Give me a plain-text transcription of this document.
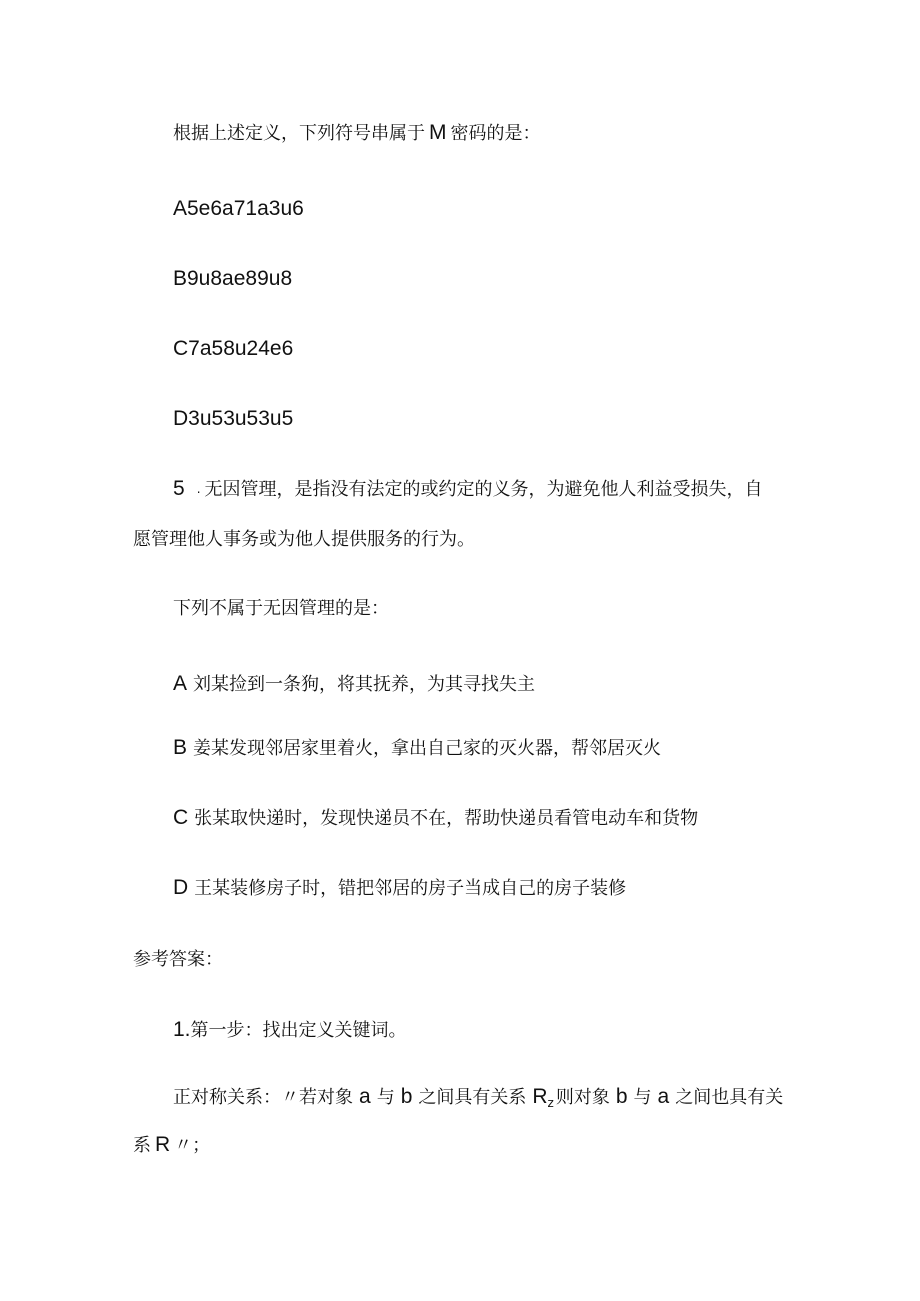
根据上述定义，下列符号串属于 M 密码的是：
A5e6a71a3u6
B9u8ae89u8
C7a58u24e6
D3u53u53u5
5 . 无因管理，是指没有法定的或约定的义务，为避免他人利益受损失，自
愿管理他人事务或为他人提供服务的行为。
下列不属于无因管理的是：
A 刘某捡到一条狗，将其抚养，为其寻找失主
B 姜某发现邻居家里着火，拿出自己家的灭火器，帮邻居灭火
C 张某取快递时，发现快递员不在，帮助快递员看管电动车和货物
D 王某装修房子时，错把邻居的房子当成自己的房子装修
参考答案：
1.第一步：找出定义关键词。
正对称关系：〃若对象 a 与 b 之间具有关系 $R_z$ 则对象 b 与 a 之间也具有关
系 R 〃；
